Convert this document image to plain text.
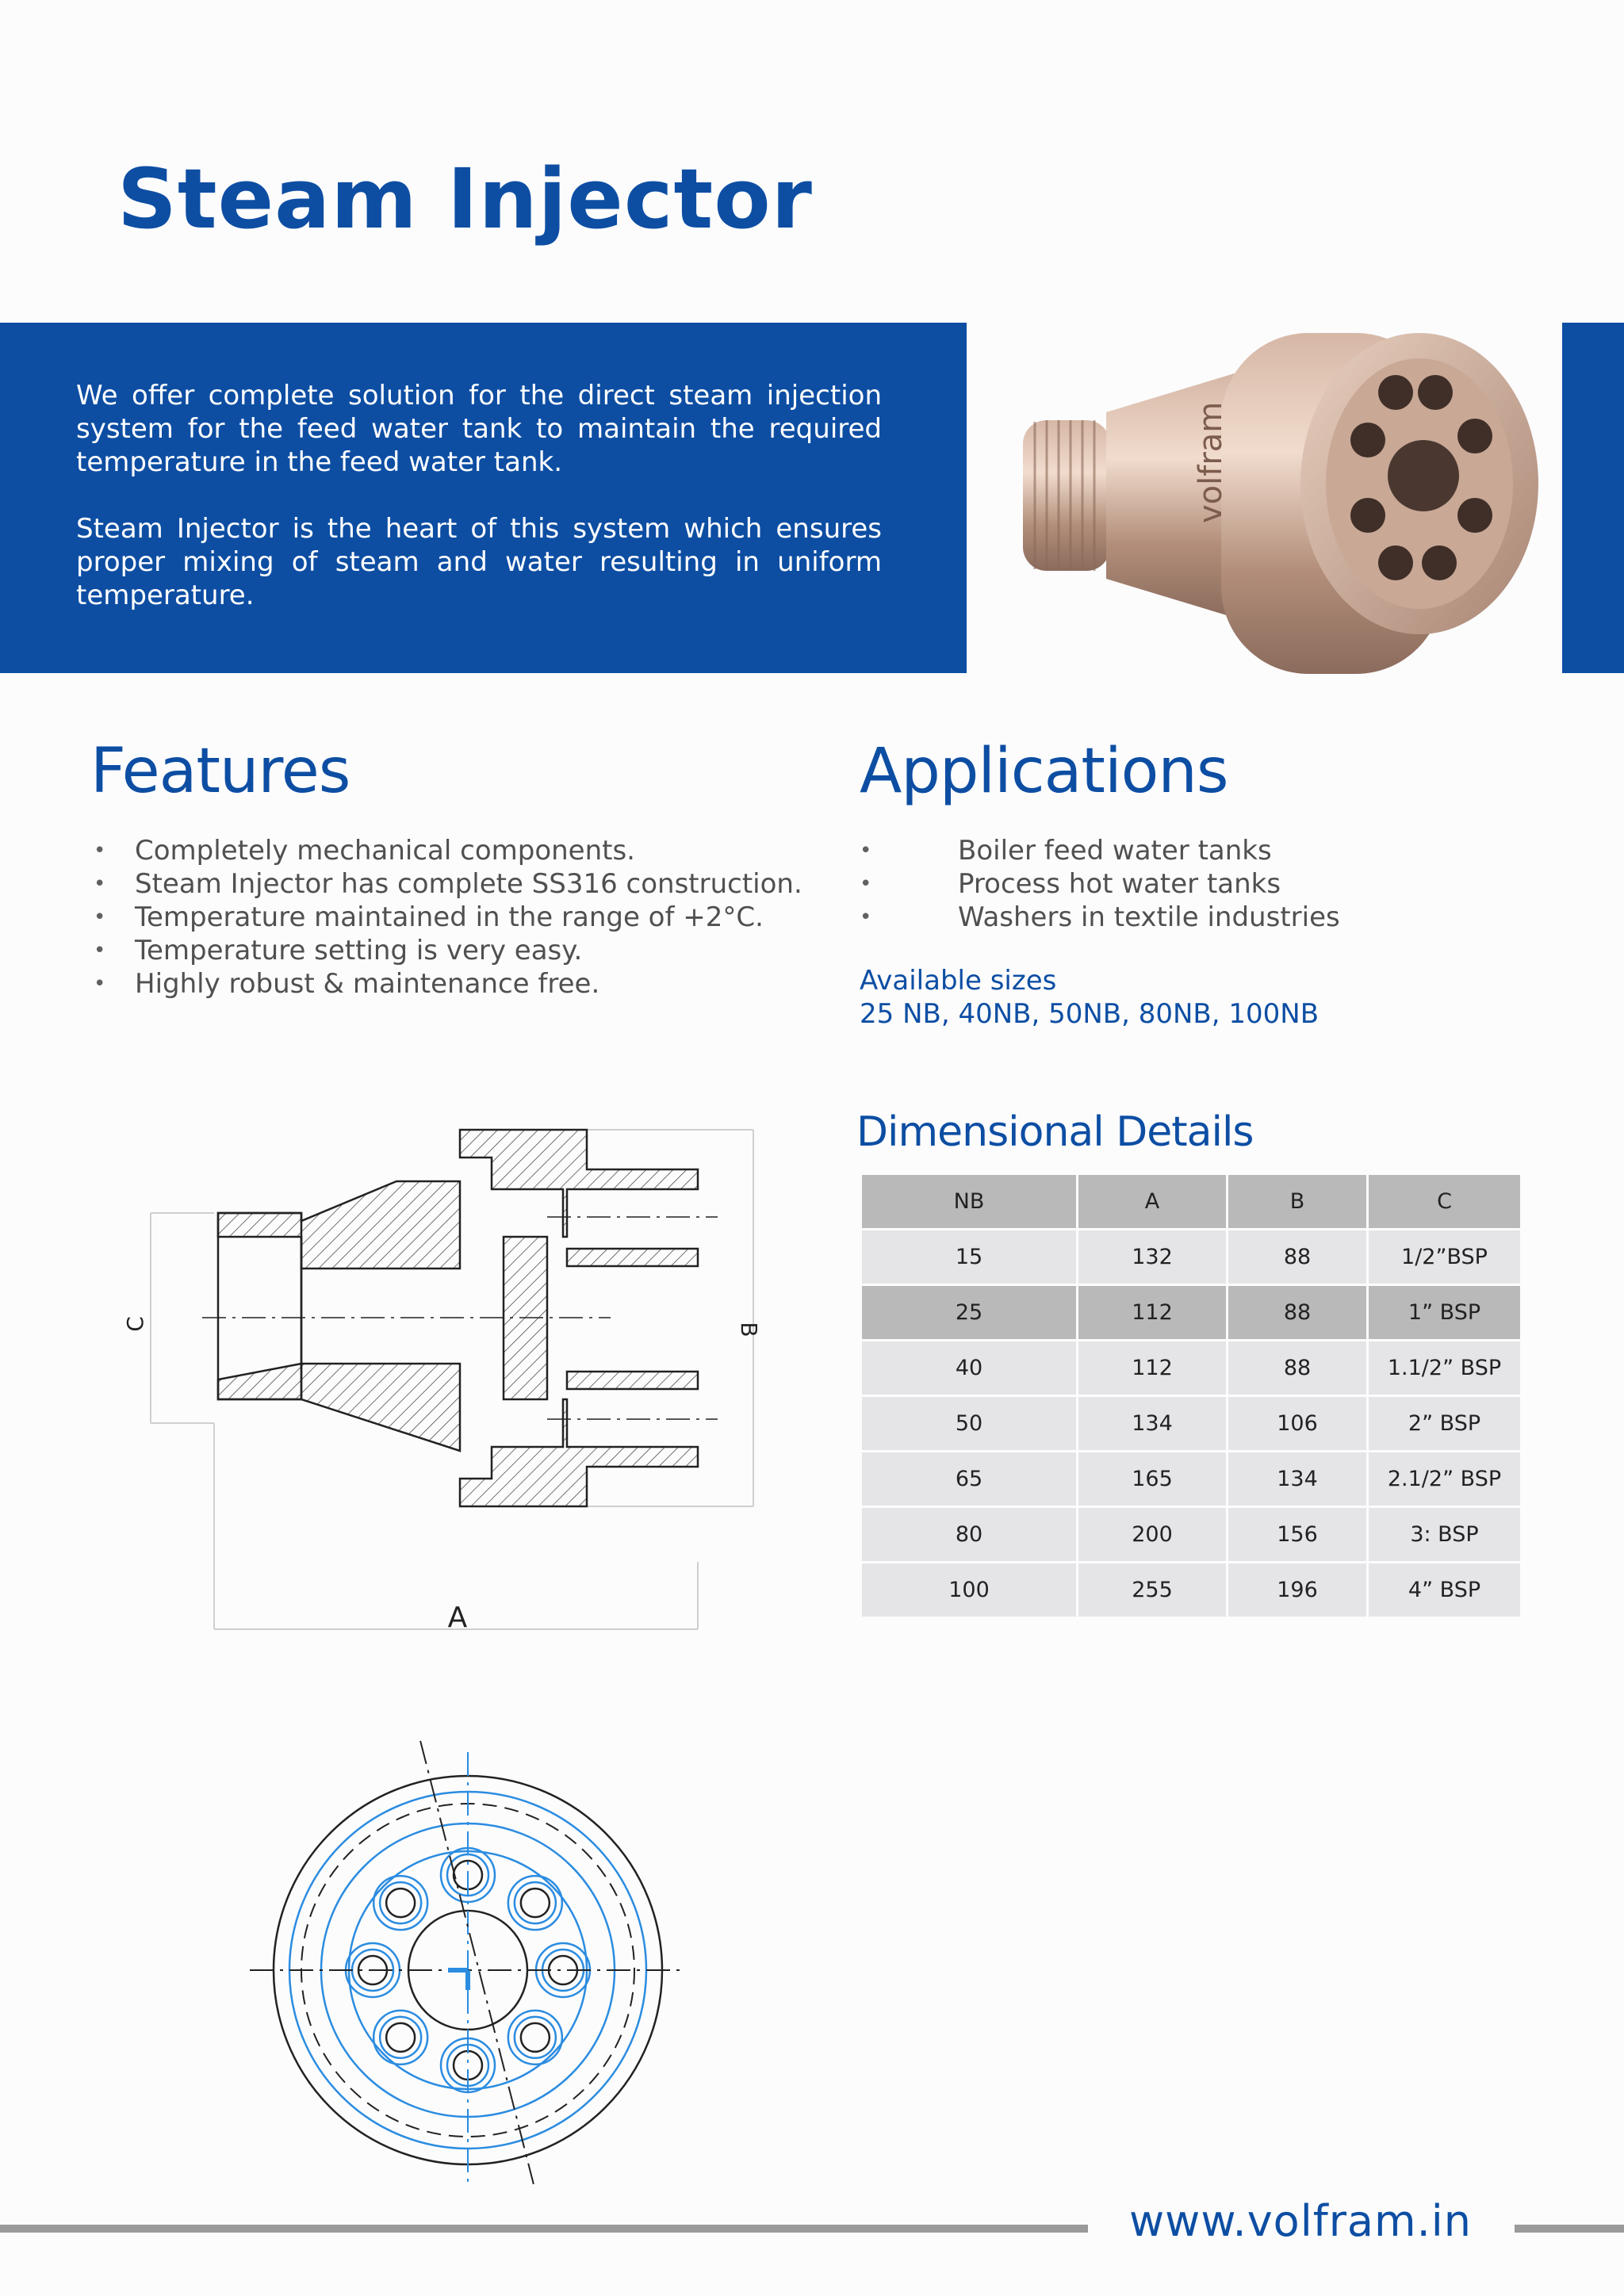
Steam Injector

We offer complete solution for the direct steam injection system for the feed water tank to maintain the required temperature in the feed water tank.

Steam Injector is the heart of this system which ensures proper mixing of steam and water resulting in uniform temperature.

volfram
Features
• Completely mechanical components.
• Steam Injector has complete SS316 construction.
• Temperature maintained in the range of +2°C.
• Temperature setting is very easy.
• Highly robust & maintenance free.
Applications
• Boiler feed water tanks
• Process hot water tanks
• Washers in textile industries
Available sizes
25 NB, 40NB, 50NB, 80NB, 100NB
Dimensional Details
NB	A	B	C
15	132	88	1/2”BSP
25	112	88	1” BSP
40	112	88	1.1/2” BSP
50	134	106	2” BSP
65	165	134	2.1/2” BSP
80	200	156	3: BSP
100	255	196	4” BSP
C	B
A
www.volfram.in
